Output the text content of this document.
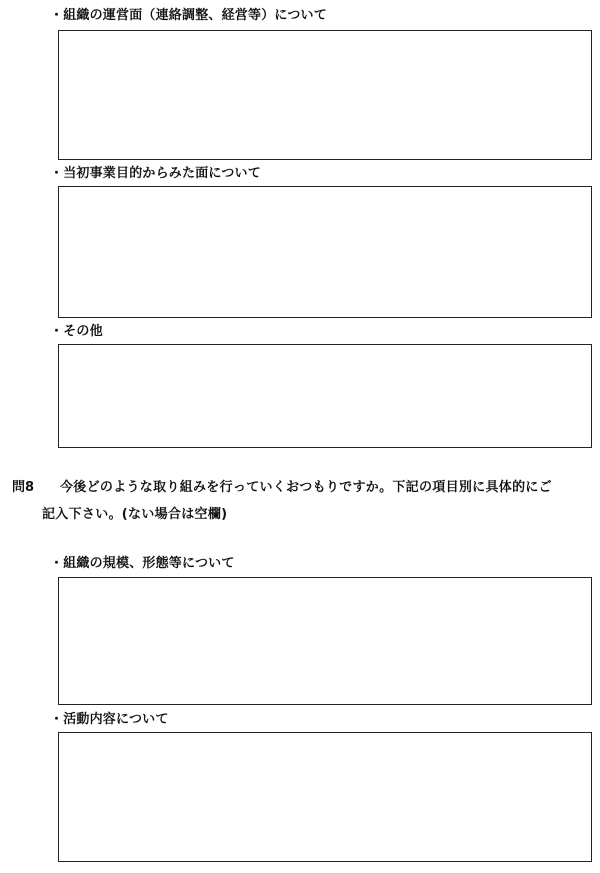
・組織の運営面（連絡調整、経営等）について
・当初事業目的からみた面について
・その他
問8 今後どのような取り組みを行っていくおつもりですか。下記の項目別に具体的にご
記入下さい。(ない場合は空欄)
・組織の規模、形態等について
・活動内容について
